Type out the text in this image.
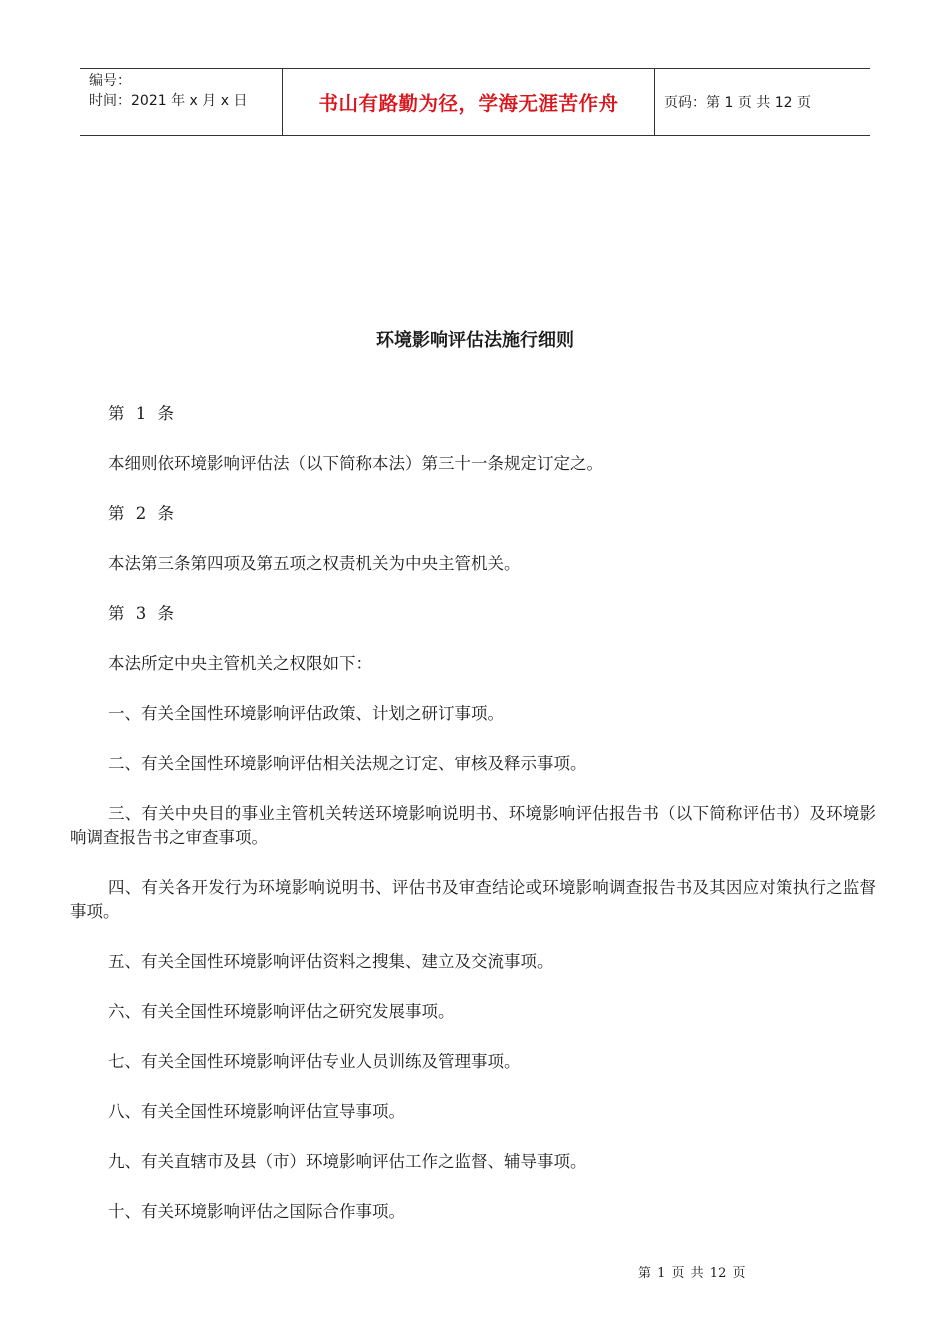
编号：
时间：2021 年 x 月 x 日	书山有路勤为径，学海无涯苦作舟	页码：第 1 页 共 12 页
环境影响评估法施行细则

第 1 条

本细则依环境影响评估法（以下简称本法）第三十一条规定订定之。

第 2 条

本法第三条第四项及第五项之权责机关为中央主管机关。

第 3 条

本法所定中央主管机关之权限如下：

一、有关全国性环境影响评估政策、计划之研订事项。

二、有关全国性环境影响评估相关法规之订定、审核及释示事项。

三、有关中央目的事业主管机关转送环境影响说明书、环境影响评估报告书（以下简称评估书）及环境影响调查报告书之审查事项。

四、有关各开发行为环境影响说明书、评估书及审查结论或环境影响调查报告书及其因应对策执行之监督事项。

五、有关全国性环境影响评估资料之搜集、建立及交流事项。

六、有关全国性环境影响评估之研究发展事项。

七、有关全国性环境影响评估专业人员训练及管理事项。

八、有关全国性环境影响评估宣导事项。

九、有关直辖市及县（市）环境影响评估工作之监督、辅导事项。

十、有关环境影响评估之国际合作事项。

第 1 页 共 12 页
